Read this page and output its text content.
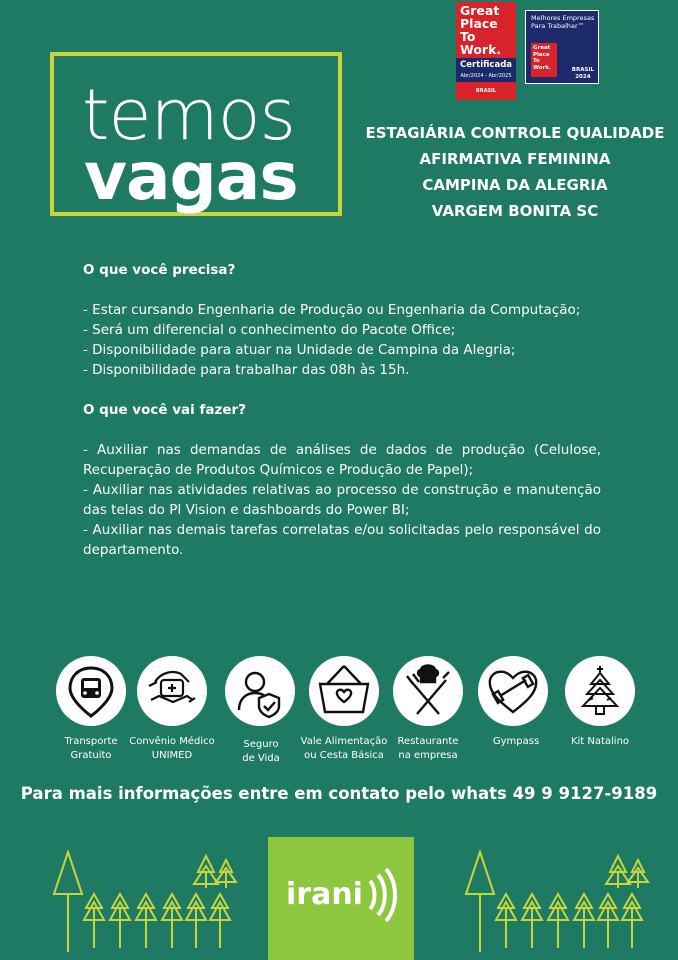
Great
Place
To
Work.
Certificada
Abr/2024 - Abr/2025
BRASIL
Melhores Empresas Para Trabalhar™
Great Place To Work.	BRASIL
2024
temos
vagas
ESTAGIÁRIA CONTROLE QUALIDADE
AFIRMATIVA FEMININA
CAMPINA DA ALEGRIA
VARGEM BONITA SC

O que você precisa?

- Estar cursando Engenharia de Produção ou Engenharia da Computação;

- Será um diferencial o conhecimento do Pacote Office;

- Disponibilidade para atuar na Unidade de Campina da Alegria;

- Disponibilidade para trabalhar das 08h às 15h.

O que você vai fazer?

- Auxiliar nas demandas de análises de dados de produção (Celulose, Recuperação de Produtos Químicos e Produção de Papel);

- Auxiliar nas atividades relativas ao processo de construção e manutenção das telas do PI Vision e dashboards do Power BI;

- Auxiliar nas demais tarefas correlatas e/ou solicitadas pelo responsável do departamento.

Transporte
Gratuito
Convênio Médico
UNIMED
Seguro
de Vida
Vale Alimentação
ou Cesta Básica
Restaurante
na empresa
Gympass	Kit Natalino
Para mais informações entre em contato pelo whats 49 9 9127-9189
irani
